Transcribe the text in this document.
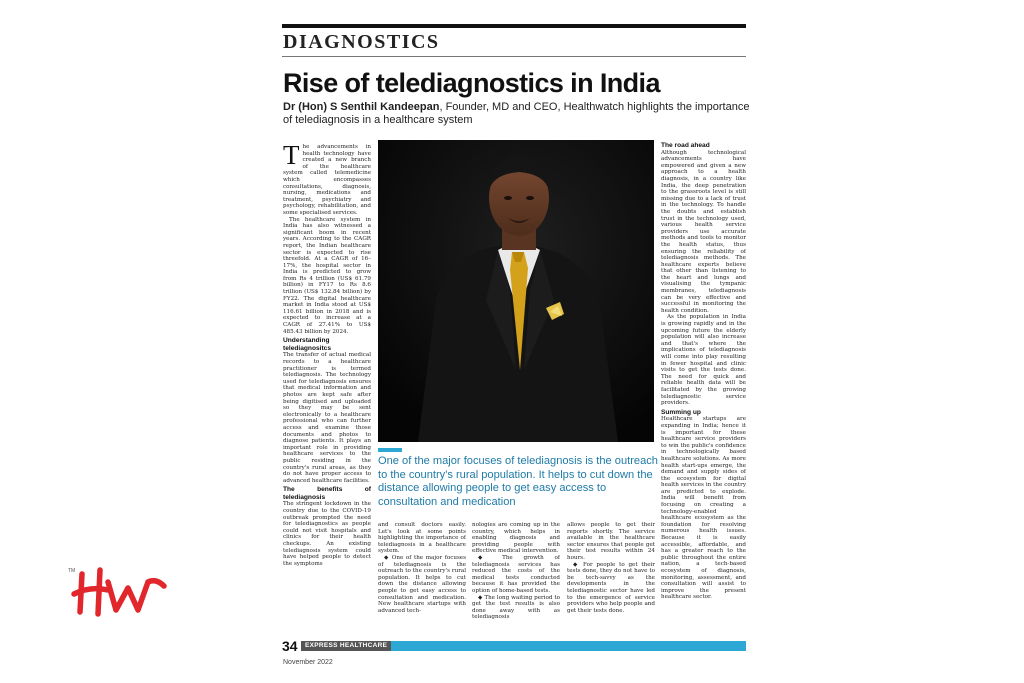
DIAGNOSTICS
Rise of telediagnostics in India

Dr (Hon) S Senthil Kandeepan, Founder, MD and CEO, Healthwatch highlights the importance of telediagnosis in a healthcare system

The advancements in health technology have created a new branch of the healthcare system called telemedicine which encompasses consultations, diagnosis, nursing, medications and treatment, psychiatry and psychology, rehabilitation, and some specialised services.

The healthcare system in India has also witnessed a significant boom in recent years. According to the CAGR report, the Indian healthcare sector is expected to rise threefold. At a CAGR of 16–17%, the hospital sector in India is predicted to grow from Rs 4 trillion (US$ 61.79 billion) in FY17 to Rs 8.6 trillion (US$ 132.84 billion) by FY22. The digital healthcare market in India stood at US$ 116.61 billion in 2018 and is expected to increase at a CAGR of 27.41% to US$ 485.43 billion by 2024.

Understanding telediagnositcs

The transfer of actual medical records to a healthcare practitioner is termed telediagnosis. The technology used for telediagnosis ensures that medical information and photos are kept safe after being digitised and uploaded so they may be sent electronically to a healthcare professional who can further access and examine those documents and photos to diagnose patients. It plays an important role in providing healthcare services to the public residing in the country's rural areas, as they do not have proper access to advanced healthcare facilities.

The benefits of telediagnosis

The stringent lockdown in the country due to the COVID-19 outbreak prompted the need for telediagnostics as people could not visit hospitals and clinics for their health checkups. An existing telediagnosis system could have helped people to detect the symptoms

One of the major focuses of telediagnosis is the outreach to the country's rural population. It helps to cut down the distance allowing people to get easy access to consultation and medication

and consult doctors easily. Let's look at some points highlighting the importance of telediagnosis in a healthcare system.

◆ One of the major focuses of telediagnosis is the outreach to the country's rural population. It helps to cut down the distance allowing people to get easy access to consultation and medication. New healthcare startups with advanced tech-

nologies are coming up in the country, which helps in enabling diagnosis and providing people with effective medical intervention.

◆ The growth of telediagnosis services has reduced the costs of the medical tests conducted because it has provided the option of home-based tests.

◆ The long waiting period to get the test results is also done away with as telediagnosis

allows people to get their reports shortly. The service available in the healthcare sector ensures that people get their test results within 24 hours.

◆ For people to get their tests done, they do not have to be tech-savvy as the developments in the telediagnostic sector have led to the emergence of service providers who help people and get their tests done.

The road ahead

Although technological advancements have empowered and given a new approach to a health diagnosis, in a country like India, the deep penetration to the grassroots level is still missing due to a lack of trust in the technology. To handle the doubts and establish trust in the technology used, various health service providers use accurate methods and tools to monitor the health status, thus ensuring the reliability of telediagnosis methods. The healthcare experts believe that other than listening to the heart and lungs and visualising the tympanic membranes, telediagnosis can be very effective and successful in monitoring the health condition.

As the population in India is growing rapidly and in the upcoming future the elderly population will also increase and that's where the implications of telediagnosis will come into play resulting in fewer hospital and clinic visits to get the tests done. The need for quick and reliable health data will be facilitated by the growing telediagnostic service providers.

Summing up

Healthcare startups are expanding in India; hence it is important for these healthcare service providers to win the public's confidence in technologically based healthcare solutions. As more health start-ups emerge, the demand and supply sides of the ecosystem for digital health services in the country are predicted to explode. India will benefit from focusing on creating a technology-enabled healthcare ecosystem as the foundation for resolving numerous health issues. Because it is easily accessible, affordable, and has a greater reach to the public throughout the entire nation, a tech-based ecosystem of diagnosis, monitoring, assessment, and consultation will assist to improve the present healthcare sector.

34	EXPRESS HEALTHCARE

November 2022

TM
